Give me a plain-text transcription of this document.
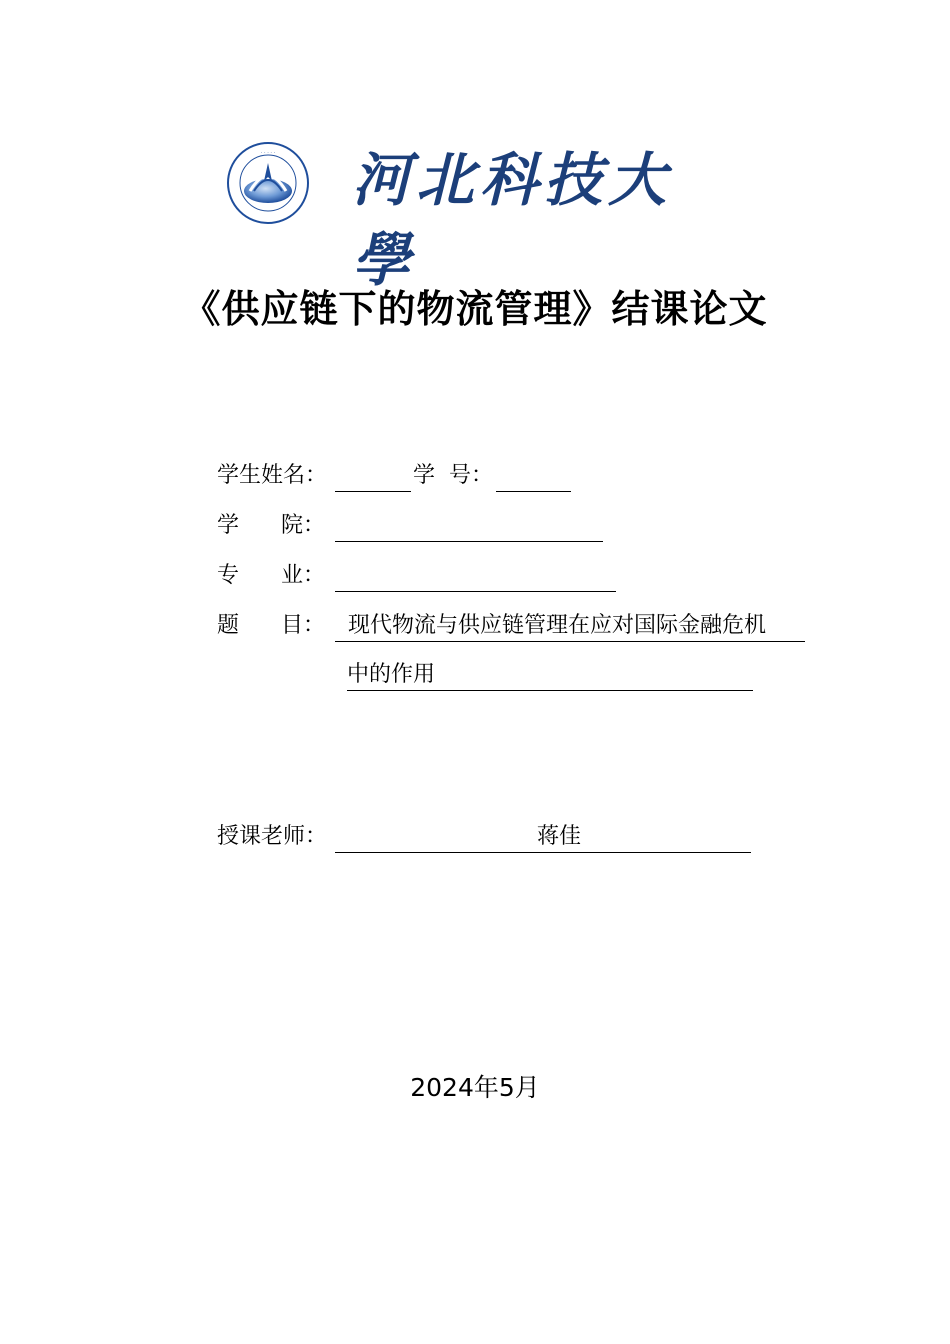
· · · · · 河北科技大學
《供应链下的物流管理》结课论文
学生姓名：	学  号：
学      院：
专      业：
题      目： 现代物流与供应链管理在应对国际金融危机
中的作用
授课老师：	蒋佳
2024年5月
